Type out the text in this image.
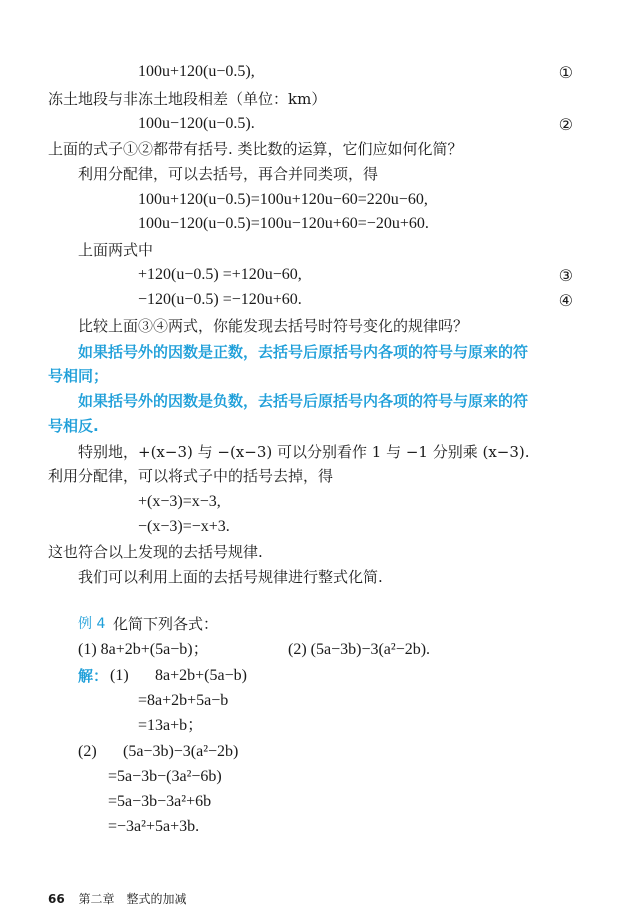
100u+120(u−0.5),	①
冻土地段与非冻土地段相差（单位：km）
100u−120(u−0.5).	②
上面的式子①②都带有括号. 类比数的运算，它们应如何化简？
利用分配律，可以去括号，再合并同类项，得
100u+120(u−0.5)=100u+120u−60=220u−60,
100u−120(u−0.5)=100u−120u+60=−20u+60.
上面两式中
+120(u−0.5) =+120u−60,	③
−120(u−0.5) =−120u+60.	④
比较上面③④两式，你能发现去括号时符号变化的规律吗？
如果括号外的因数是正数，去括号后原括号内各项的符号与原来的符
号相同；
如果括号外的因数是负数，去括号后原括号内各项的符号与原来的符
号相反.
特别地，+(x−3) 与 −(x−3) 可以分别看作 1 与 −1 分别乘 (x−3).
利用分配律，可以将式子中的括号去掉，得
+(x−3)=x−3,
−(x−3)=−x+3.
这也符合以上发现的去括号规律.
我们可以利用上面的去括号规律进行整式化简.
例 4 化简下列各式：
(1) 8a+2b+(5a−b)；	(2) (5a−3b)−3(a²−2b).
解： (1) 8a+2b+(5a−b)
=8a+2b+5a−b
=13a+b；
(2) (5a−3b)−3(a²−2b)
=5a−3b−(3a²−6b)
=5a−3b−3a²+6b
=−3a²+5a+3b.
66 第二章　整式的加减
